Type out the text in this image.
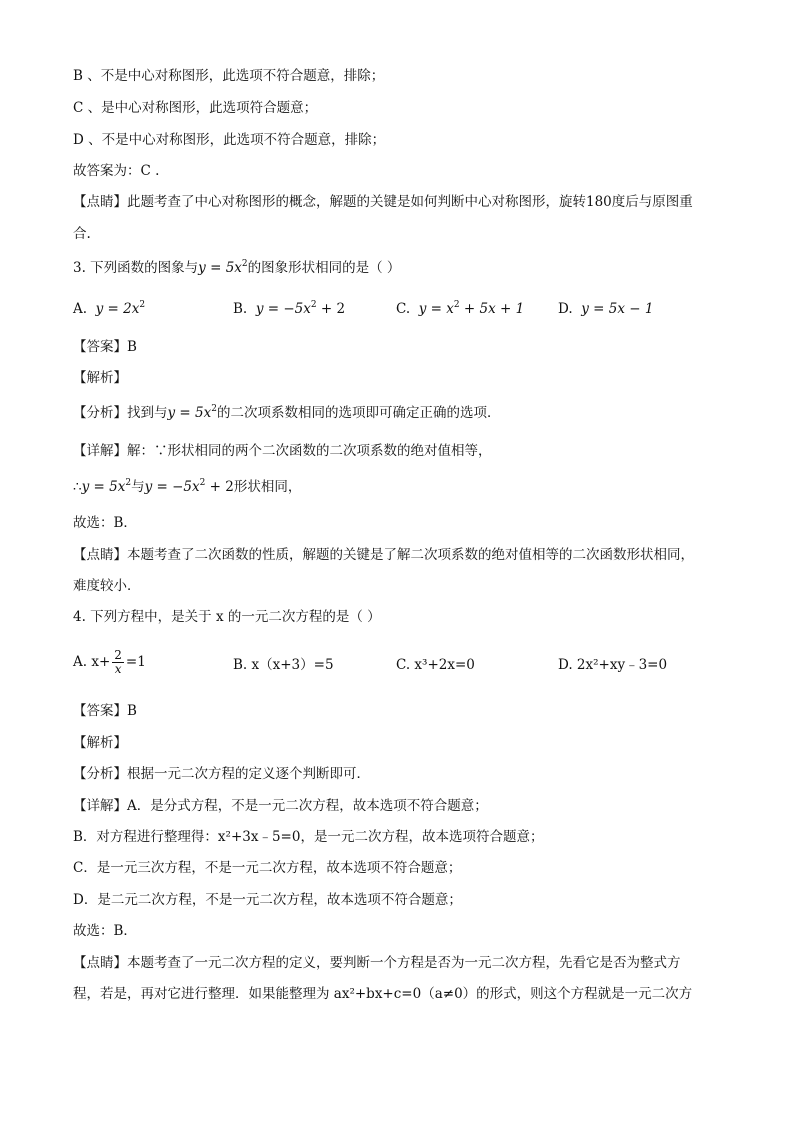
B 、不是中心对称图形，此选项不符合题意，排除；
C 、是中心对称图形，此选项符合题意；
D 、不是中心对称图形，此选项不符合题意，排除；
故答案为：C .
【点睛】此题考查了中心对称图形的概念，解题的关键是如何判断中心对称图形，旋转180度后与原图重
合.
3. 下列函数的图象与$y = 5x^2$的图象形状相同的是（ ）
A. $y = 2x^2$	B. $y = -5x^2 + 2$	C. $y = x^2 + 5x + 1$	D. y = 5x − 1
【答案】B
【解析】
【分析】找到与$y = 5x^2$的二次项系数相同的选项即可确定正确的选项．
【详解】解：∵形状相同的两个二次函数的二次项系数的绝对值相等，
∴y = $5x^2$与$y = -5x^2 + 2$形状相同，
故选：B．
【点睛】本题考查了二次函数的性质，解题的关键是了解二次项系数的绝对值相等的二次函数形状相同，
难度较小．
4. 下列方程中，是关于 x 的一元二次方程的是（ ）
A. $x+ \frac{2}{x} =1$	B. x（x+3）=5	C. x³+2x=0	D. 2x²+xy﹣3=0
【答案】B
【解析】
【分析】根据一元二次方程的定义逐个判断即可．
【详解】A．是分式方程，不是一元二次方程，故本选项不符合题意；
B．对方程进行整理得：x²+3x﹣5=0，是一元二次方程，故本选项符合题意；
C．是一元三次方程，不是一元二次方程，故本选项不符合题意；
D．是二元二次方程，不是一元二次方程，故本选项不符合题意；
故选：B．
【点睛】本题考查了一元二次方程的定义，要判断一个方程是否为一元二次方程，先看它是否为整式方
程，若是，再对它进行整理．如果能整理为 ax²+bx+c=0（a≠0）的形式，则这个方程就是一元二次方
